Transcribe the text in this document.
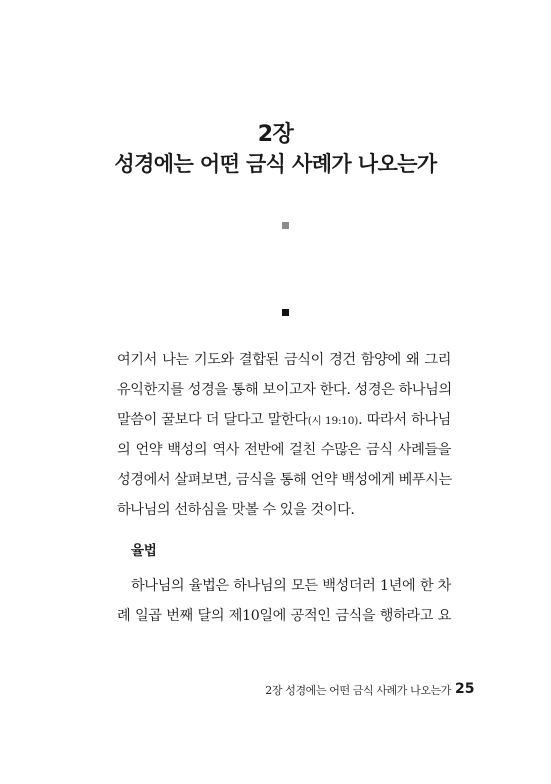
2장
성경에는 어떤 금식 사례가 나오는가
여기서 나는 기도와 결합된 금식이 경건 함양에 왜 그리
유익한지를 성경을 통해 보이고자 한다. 성경은 하나님의
말씀이 꿀보다 더 달다고 말한다(시 19:10). 따라서 하나님
의 언약 백성의 역사 전반에 걸친 수많은 금식 사례들을
성경에서 살펴보면, 금식을 통해 언약 백성에게 베푸시는
하나님의 선하심을 맛볼 수 있을 것이다.
율법
하나님의 율법은 하나님의 모든 백성더러 1년에 한 차
례 일곱 번째 달의 제10일에 공적인 금식을 행하라고 요
2장 성경에는 어떤 금식 사례가 나오는가 25
